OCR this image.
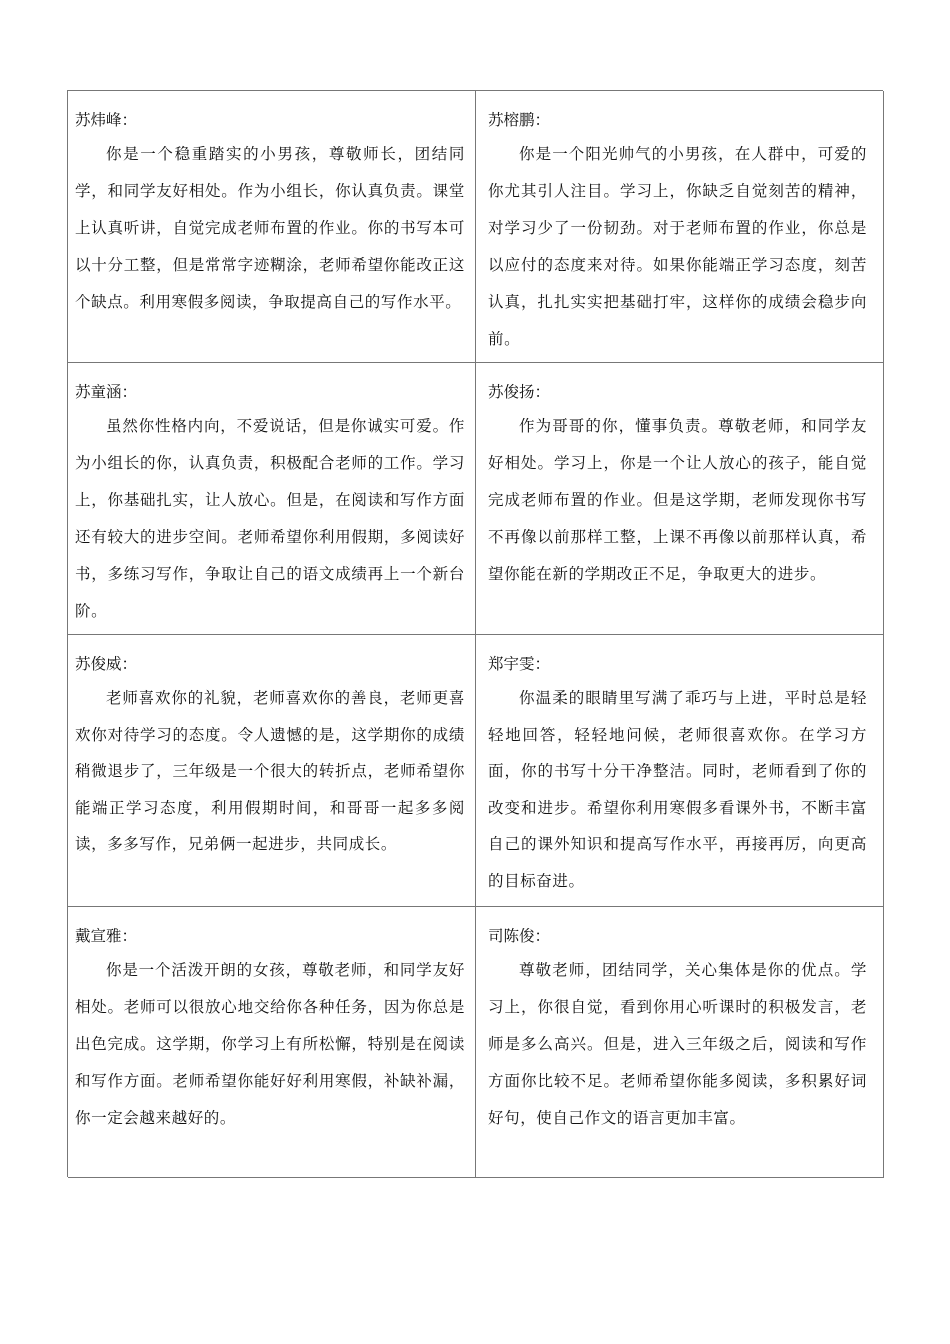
苏炜峰：

你是一个稳重踏实的小男孩，尊敬师长，团结同学，和同学友好相处。作为小组长，你认真负责。课堂上认真听讲，自觉完成老师布置的作业。你的书写本可以十分工整，但是常常字迹糊涂，老师希望你能改正这个缺点。利用寒假多阅读，争取提高自己的写作水平。

苏榕鹏：

你是一个阳光帅气的小男孩，在人群中，可爱的你尤其引人注目。学习上，你缺乏自觉刻苦的精神，对学习少了一份韧劲。对于老师布置的作业，你总是以应付的态度来对待。如果你能端正学习态度，刻苦认真，扎扎实实把基础打牢，这样你的成绩会稳步向前。

苏童涵：

虽然你性格内向，不爱说话，但是你诚实可爱。作为小组长的你，认真负责，积极配合老师的工作。学习上，你基础扎实，让人放心。但是，在阅读和写作方面还有较大的进步空间。老师希望你利用假期，多阅读好书，多练习写作，争取让自己的语文成绩再上一个新台阶。

苏俊扬：

作为哥哥的你，懂事负责。尊敬老师，和同学友好相处。学习上，你是一个让人放心的孩子，能自觉完成老师布置的作业。但是这学期，老师发现你书写不再像以前那样工整，上课不再像以前那样认真，希望你能在新的学期改正不足，争取更大的进步。

苏俊威：

老师喜欢你的礼貌，老师喜欢你的善良，老师更喜欢你对待学习的态度。令人遗憾的是，这学期你的成绩稍微退步了，三年级是一个很大的转折点，老师希望你能端正学习态度，利用假期时间，和哥哥一起多多阅读，多多写作，兄弟俩一起进步，共同成长。

郑宇雯：

你温柔的眼睛里写满了乖巧与上进，平时总是轻轻地回答，轻轻地问候，老师很喜欢你。在学习方面，你的书写十分干净整洁。同时，老师看到了你的改变和进步。希望你利用寒假多看课外书，不断丰富自己的课外知识和提高写作水平，再接再厉，向更高的目标奋进。

戴宣雅：

你是一个活泼开朗的女孩，尊敬老师，和同学友好相处。老师可以很放心地交给你各种任务，因为你总是出色完成。这学期，你学习上有所松懈，特别是在阅读和写作方面。老师希望你能好好利用寒假，补缺补漏，你一定会越来越好的。

司陈俊：

尊敬老师，团结同学，关心集体是你的优点。学习上，你很自觉，看到你用心听课时的积极发言，老师是多么高兴。但是，进入三年级之后，阅读和写作方面你比较不足。老师希望你能多阅读，多积累好词好句，使自己作文的语言更加丰富。
